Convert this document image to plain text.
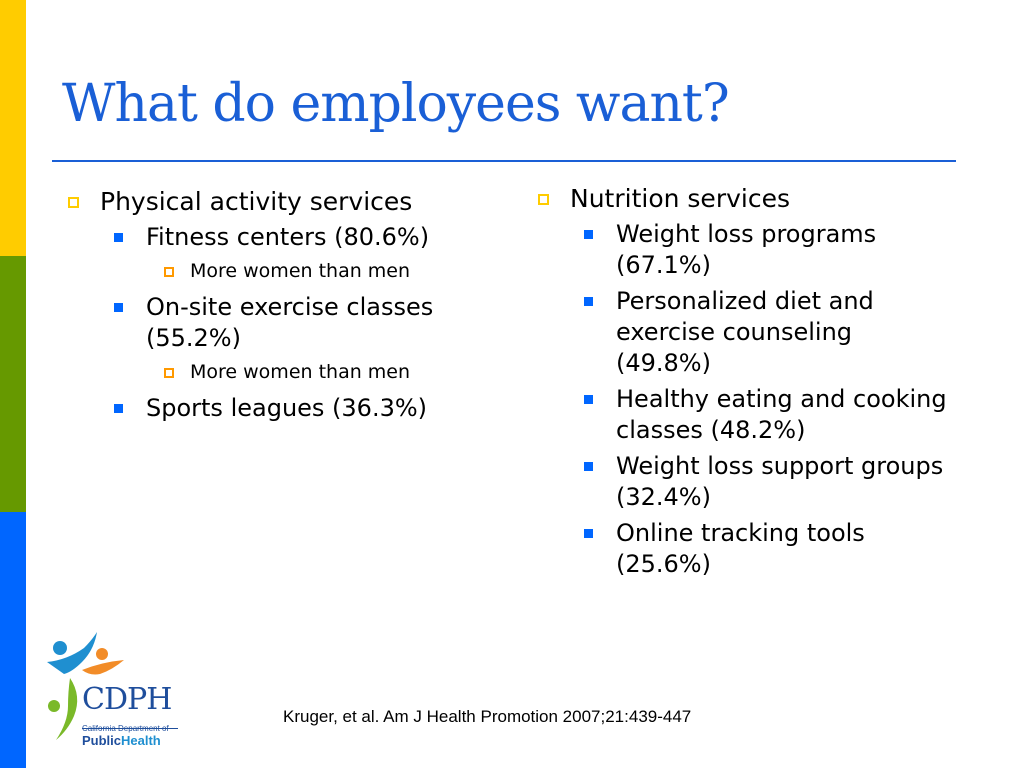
What do employees want?
Physical activity services
Fitness centers (80.6%)
More women than men
On-site exercise classes (55.2%)
More women than men
Sports leagues (36.3%)
Nutrition services
Weight loss programs (67.1%)
Personalized diet and exercise counseling (49.8%)
Healthy eating and cooking classes (48.2%)
Weight loss support groups (32.4%)
Online tracking tools (25.6%)
CDPH
California Department of
PublicHealth
Kruger, et al. Am J Health Promotion 2007;21:439-447
